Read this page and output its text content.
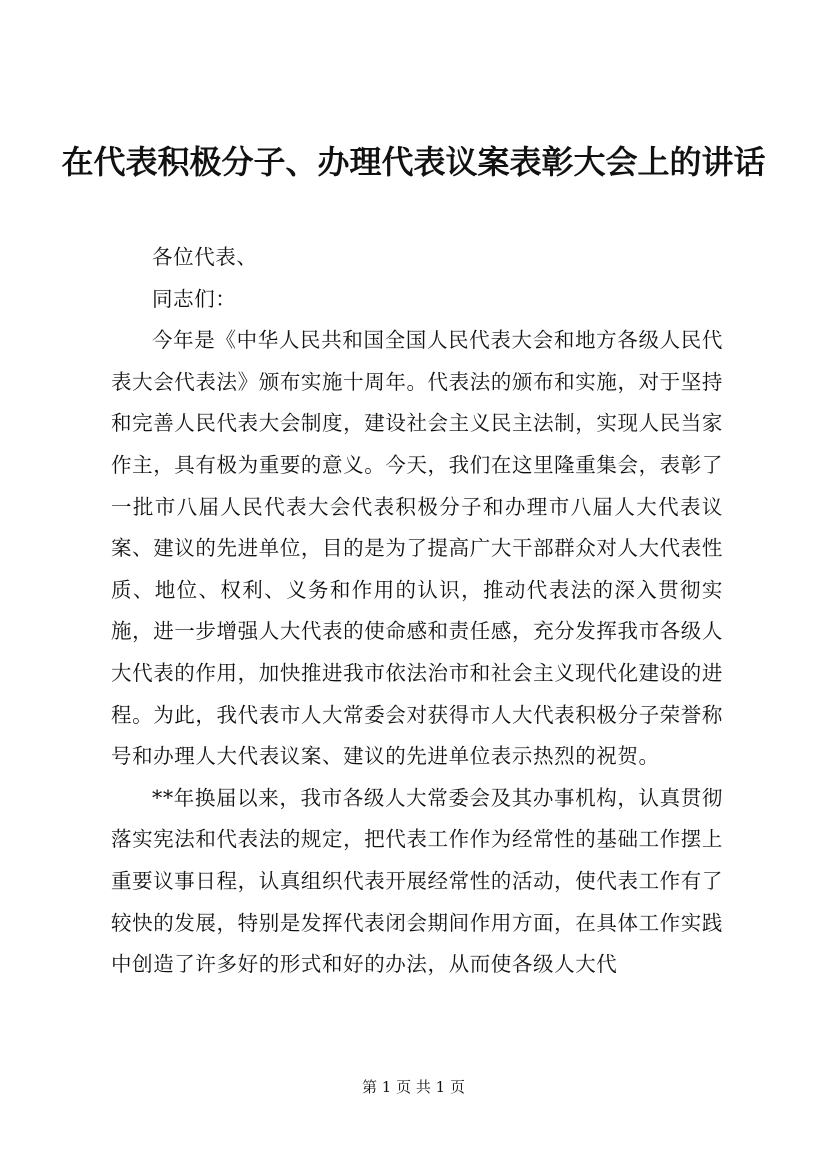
在代表积极分子、办理代表议案表彰大会上的讲话

各位代表、

同志们：

今年是《中华人民共和国全国人民代表大会和地方各级人民代表大会代表法》颁布实施十周年。代表法的颁布和实施，对于坚持和完善人民代表大会制度，建设社会主义民主法制，实现人民当家作主，具有极为重要的意义。今天，我们在这里隆重集会，表彰了一批市八届人民代表大会代表积极分子和办理市八届人大代表议案、建议的先进单位，目的是为了提高广大干部群众对人大代表性质、地位、权利、义务和作用的认识，推动代表法的深入贯彻实施，进一步增强人大代表的使命感和责任感，充分发挥我市各级人大代表的作用，加快推进我市依法治市和社会主义现代化建设的进程。为此，我代表市人大常委会对获得市人大代表积极分子荣誉称号和办理人大代表议案、建议的先进单位表示热烈的祝贺。

**年换届以来，我市各级人大常委会及其办事机构，认真贯彻落实宪法和代表法的规定，把代表工作作为经常性的基础工作摆上重要议事日程，认真组织代表开展经常性的活动，使代表工作有了较快的发展，特别是发挥代表闭会期间作用方面，在具体工作实践中创造了许多好的形式和好的办法，从而使各级人大代

第 1 页 共 1 页
